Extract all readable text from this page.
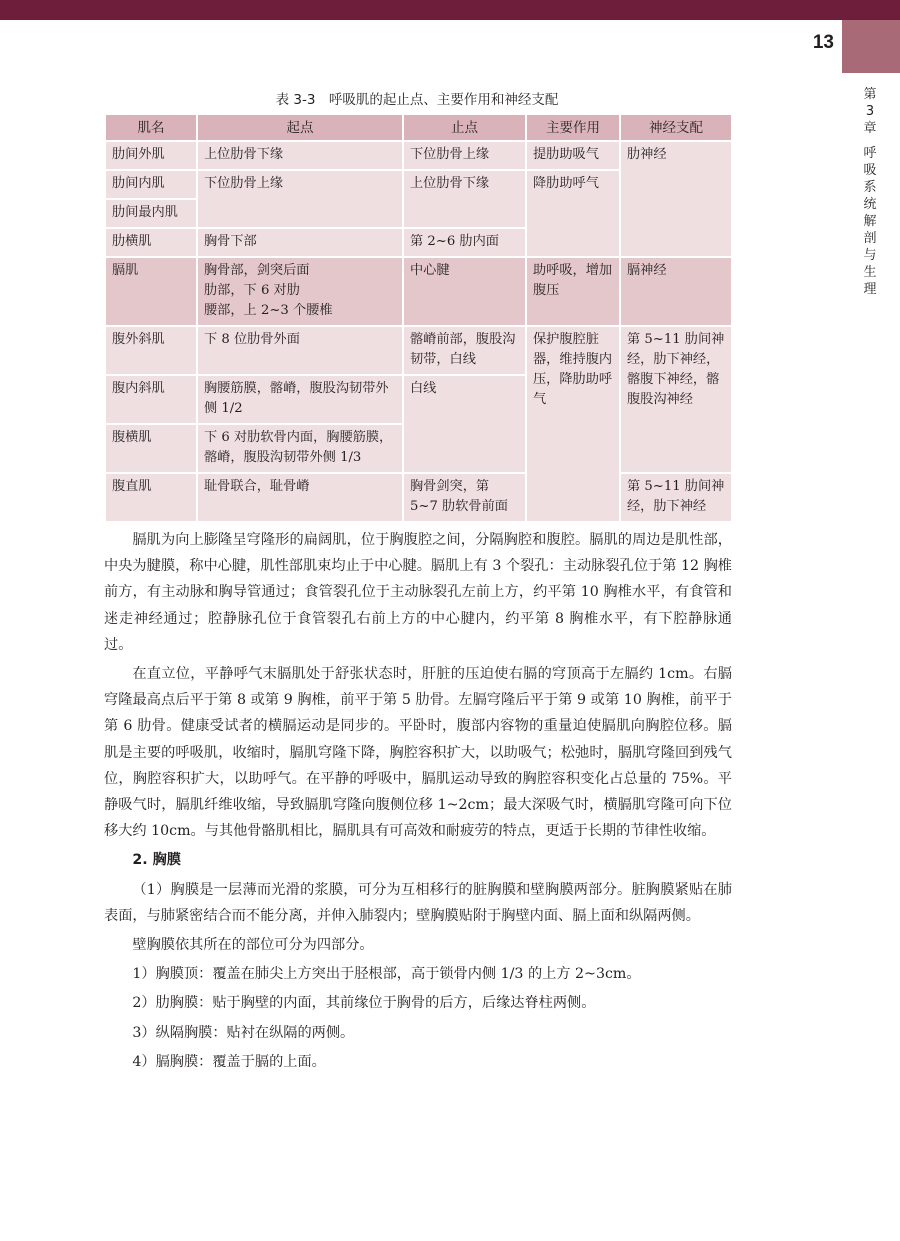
13
第
3
章
呼
吸
系
统
解
剖
与
生
理
表 3-3　呼吸肌的起止点、主要作用和神经支配
肌名	起点	止点	主要作用	神经支配
肋间外肌	上位肋骨下缘	下位肋骨上缘	提肋助吸气	肋神经
肋间内肌	下位肋骨上缘	上位肋骨下缘	降肋助呼气	
肋间最内肌				
肋横肌	胸骨下部	第 2~6 肋内面		
膈肌	胸骨部，剑突后面
肋部，下 6 对肋
腰部，上 2~3 个腰椎	中心腱	助呼吸，增加腹压	膈神经
腹外斜肌	下 8 位肋骨外面	髂嵴前部，腹股沟韧带，白线	保护腹腔脏器，维持腹内压，降肋助呼气	第 5~11 肋间神经，肋下神经，髂腹下神经，髂腹股沟神经
腹内斜肌	胸腰筋膜，髂嵴，腹股沟韧带外侧 1/2	白线		
腹横肌	下 6 对肋软骨内面，胸腰筋膜，髂嵴，腹股沟韧带外侧 1/3			
腹直肌	耻骨联合，耻骨嵴	胸骨剑突，第 5~7 肋软骨前面		第 5~11 肋间神经，肋下神经

膈肌为向上膨隆呈穹隆形的扁阔肌，位于胸腹腔之间，分隔胸腔和腹腔。膈肌的周边是肌性部，中央为腱膜，称中心腱，肌性部肌束均止于中心腱。膈肌上有 3 个裂孔：主动脉裂孔位于第 12 胸椎前方，有主动脉和胸导管通过；食管裂孔位于主动脉裂孔左前上方，约平第 10 胸椎水平，有食管和迷走神经通过；腔静脉孔位于食管裂孔右前上方的中心腱内，约平第 8 胸椎水平，有下腔静脉通过。

在直立位，平静呼气末膈肌处于舒张状态时，肝脏的压迫使右膈的穹顶高于左膈约 1cm。右膈穹隆最高点后平于第 8 或第 9 胸椎，前平于第 5 肋骨。左膈穹隆后平于第 9 或第 10 胸椎，前平于第 6 肋骨。健康受试者的横膈运动是同步的。平卧时，腹部内容物的重量迫使膈肌向胸腔位移。膈肌是主要的呼吸肌，收缩时，膈肌穹隆下降，胸腔容积扩大，以助吸气；松弛时，膈肌穹隆回到残气位，胸腔容积扩大，以助呼气。在平静的呼吸中，膈肌运动导致的胸腔容积变化占总量的 75%。平静吸气时，膈肌纤维收缩，导致膈肌穹隆向腹侧位移 1~2cm；最大深吸气时，横膈肌穹隆可向下位移大约 10cm。与其他骨骼肌相比，膈肌具有可高效和耐疲劳的特点，更适于长期的节律性收缩。

2. 胸膜

（1）胸膜是一层薄而光滑的浆膜，可分为互相移行的脏胸膜和壁胸膜两部分。脏胸膜紧贴在肺表面，与肺紧密结合而不能分离，并伸入肺裂内；壁胸膜贴附于胸壁内面、膈上面和纵隔两侧。

壁胸膜依其所在的部位可分为四部分。

1）胸膜顶：覆盖在肺尖上方突出于胫根部，高于锁骨内侧 1/3 的上方 2~3cm。

2）肋胸膜：贴于胸壁的内面，其前缘位于胸骨的后方，后缘达脊柱两侧。

3）纵隔胸膜：贴衬在纵隔的两侧。

4）膈胸膜：覆盖于膈的上面。
